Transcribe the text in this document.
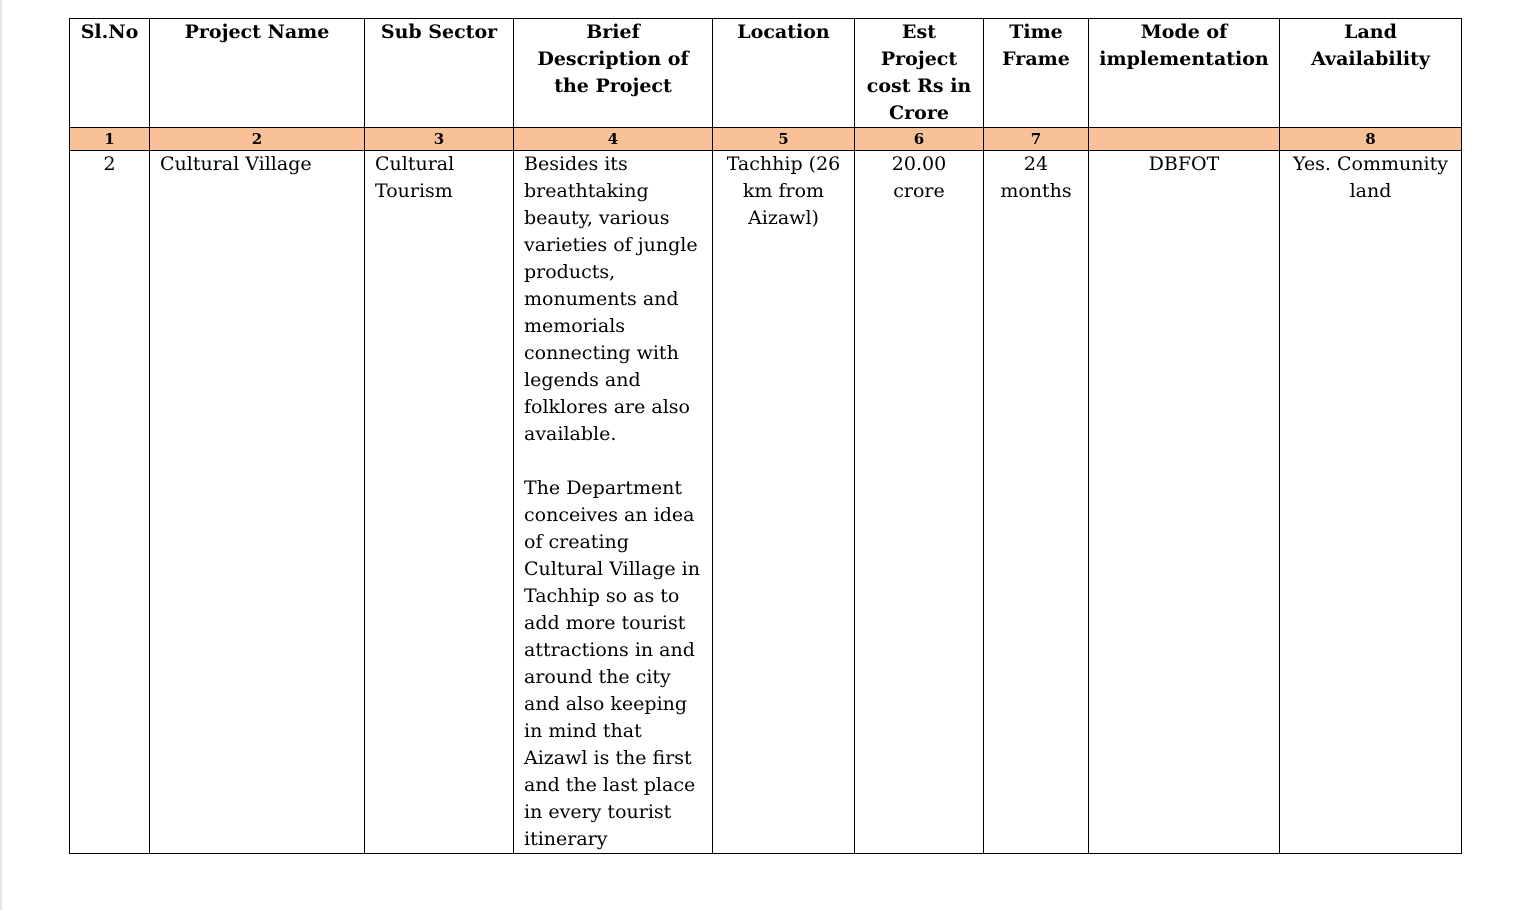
Sl.No	Project Name	Sub Sector	Brief Description of the Project	Location	Est Project cost Rs in Crore	Time Frame	Mode of implementation	Land Availability
1	2	3	4	5	6	7		8
2	Cultural Village	Cultural Tourism	Besides its breathtaking beauty, various varieties of jungle products, monuments and memorials connecting with legends and folklores are also available.

The Department conceives an idea of creating Cultural Village in Tachhip so as to add more tourist attractions in and around the city and also keeping in mind that Aizawl is the first and the last place in every tourist itinerary	Tachhip (26 km from Aizawl)	20.00 crore	24 months	DBFOT	Yes. Community land
